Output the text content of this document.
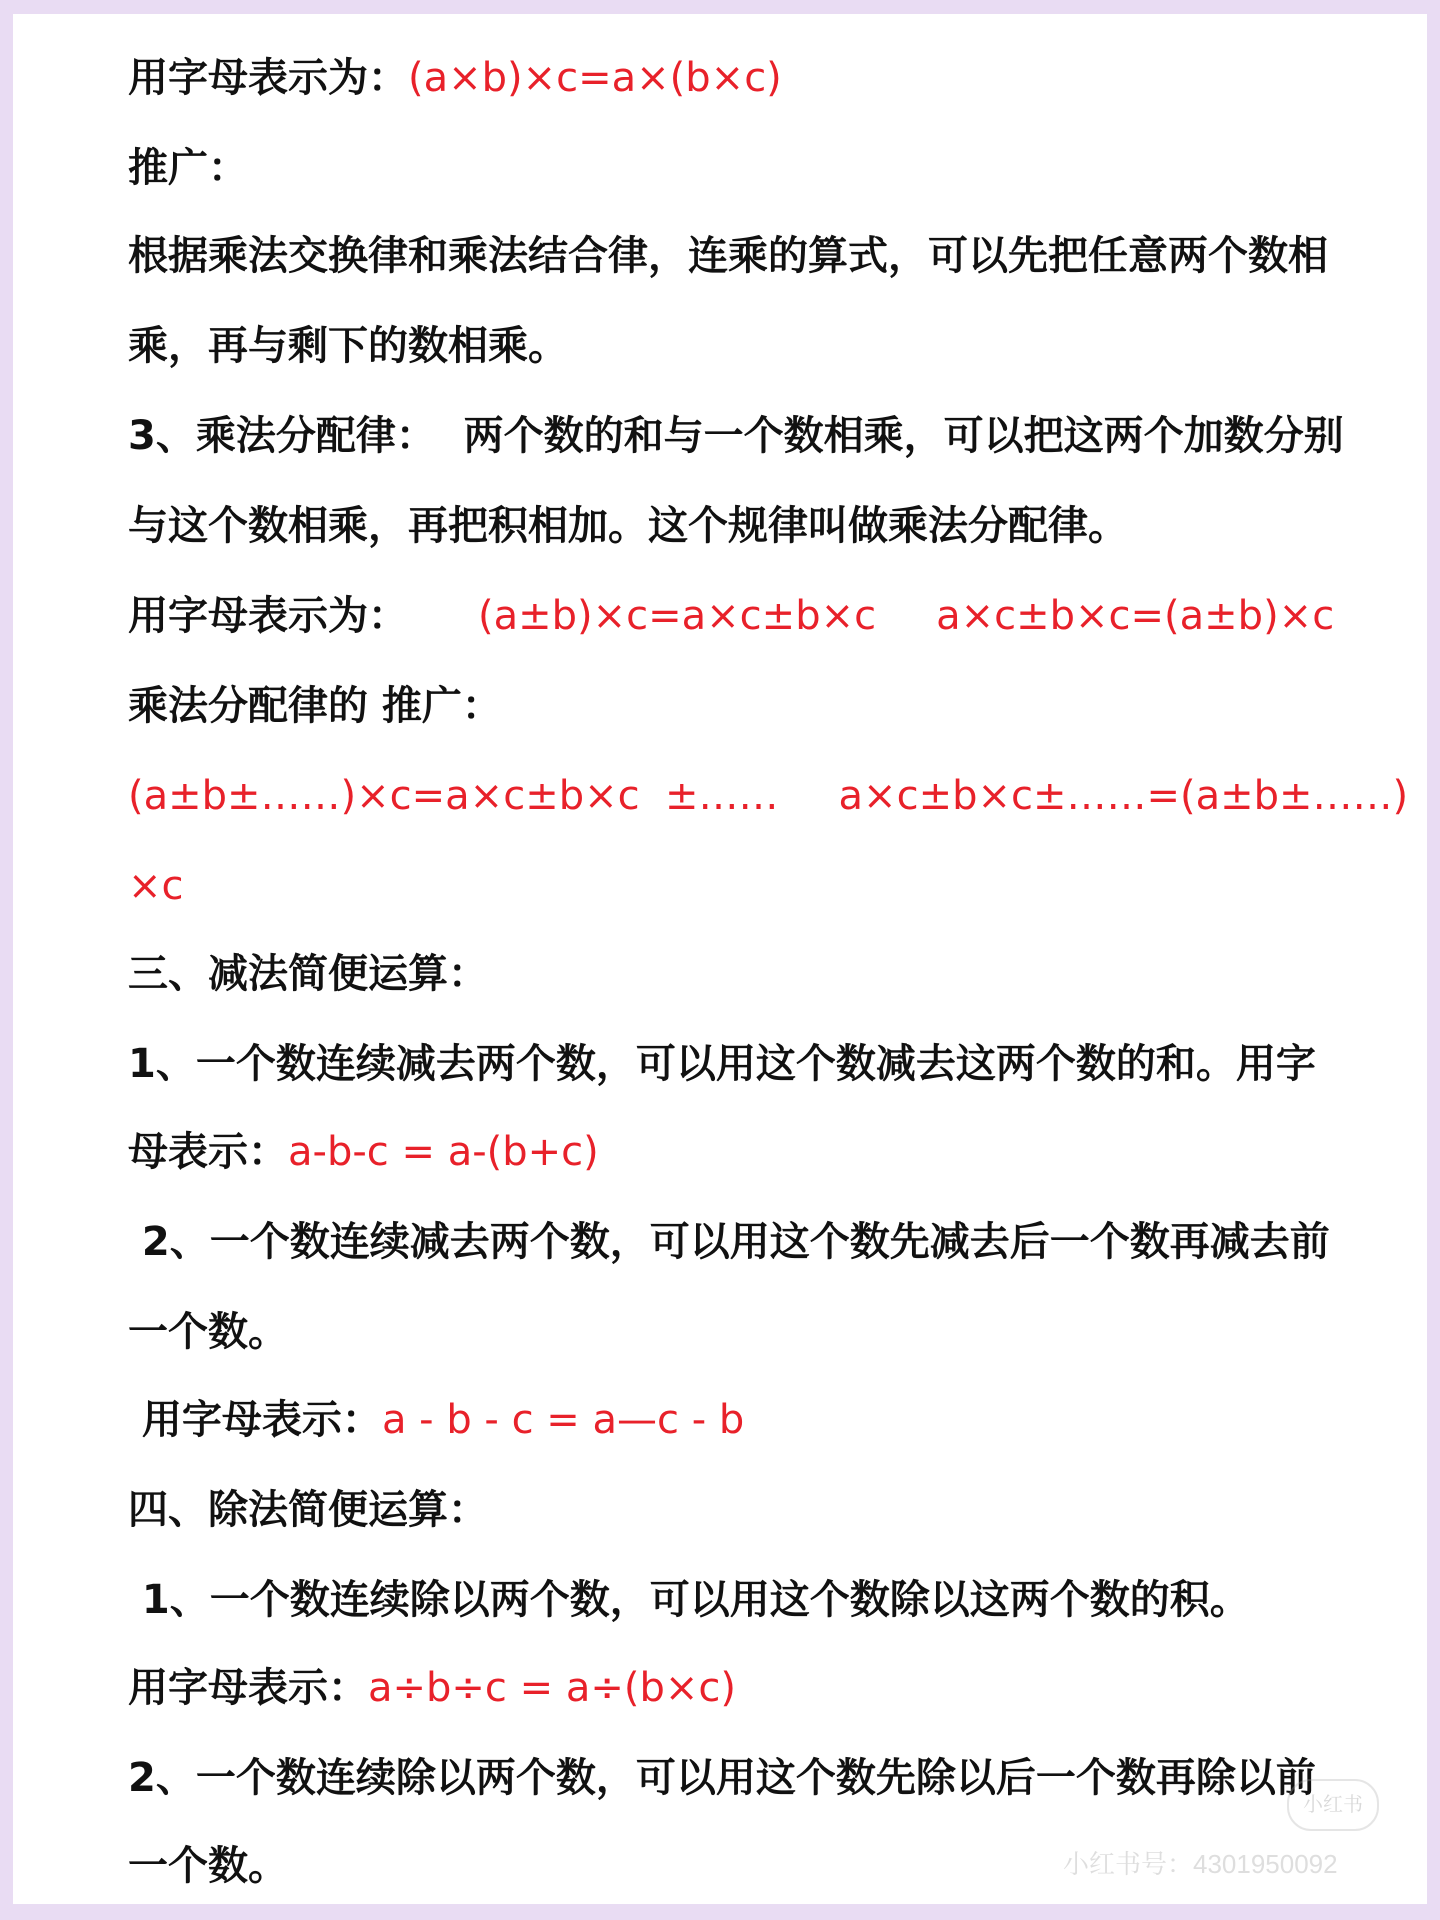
用字母表示为：(a×b)×c=a×(b×c)
推广：
根据乘法交换律和乘法结合律，连乘的算式，可以先把任意两个数相
乘，再与剩下的数相乘。
3、乘法分配律：  两个数的和与一个数相乘，可以把这两个加数分别
与这个数相乘，再把积相加。这个规律叫做乘法分配律。
用字母表示为： (a±b)×c=a×c±b×c a×c±b×c=(a±b)×c
乘法分配律的 推广：
(a±b±……)×c=a×c±b×c  ±…… a×c±b×c±……=(a±b±……)
×c
三、减法简便运算：
1、一个数连续减去两个数，可以用这个数减去这两个数的和。用字
母表示：a-b-c = a-(b+c)
2、一个数连续减去两个数，可以用这个数先减去后一个数再减去前
一个数。
用字母表示：a - b - c = a—c - b
四、除法简便运算：
1、一个数连续除以两个数，可以用这个数除以这两个数的积。
用字母表示：a÷b÷c = a÷(b×c)
2、一个数连续除以两个数，可以用这个数先除以后一个数再除以前
一个数。
小红书
小红书号：4301950092
